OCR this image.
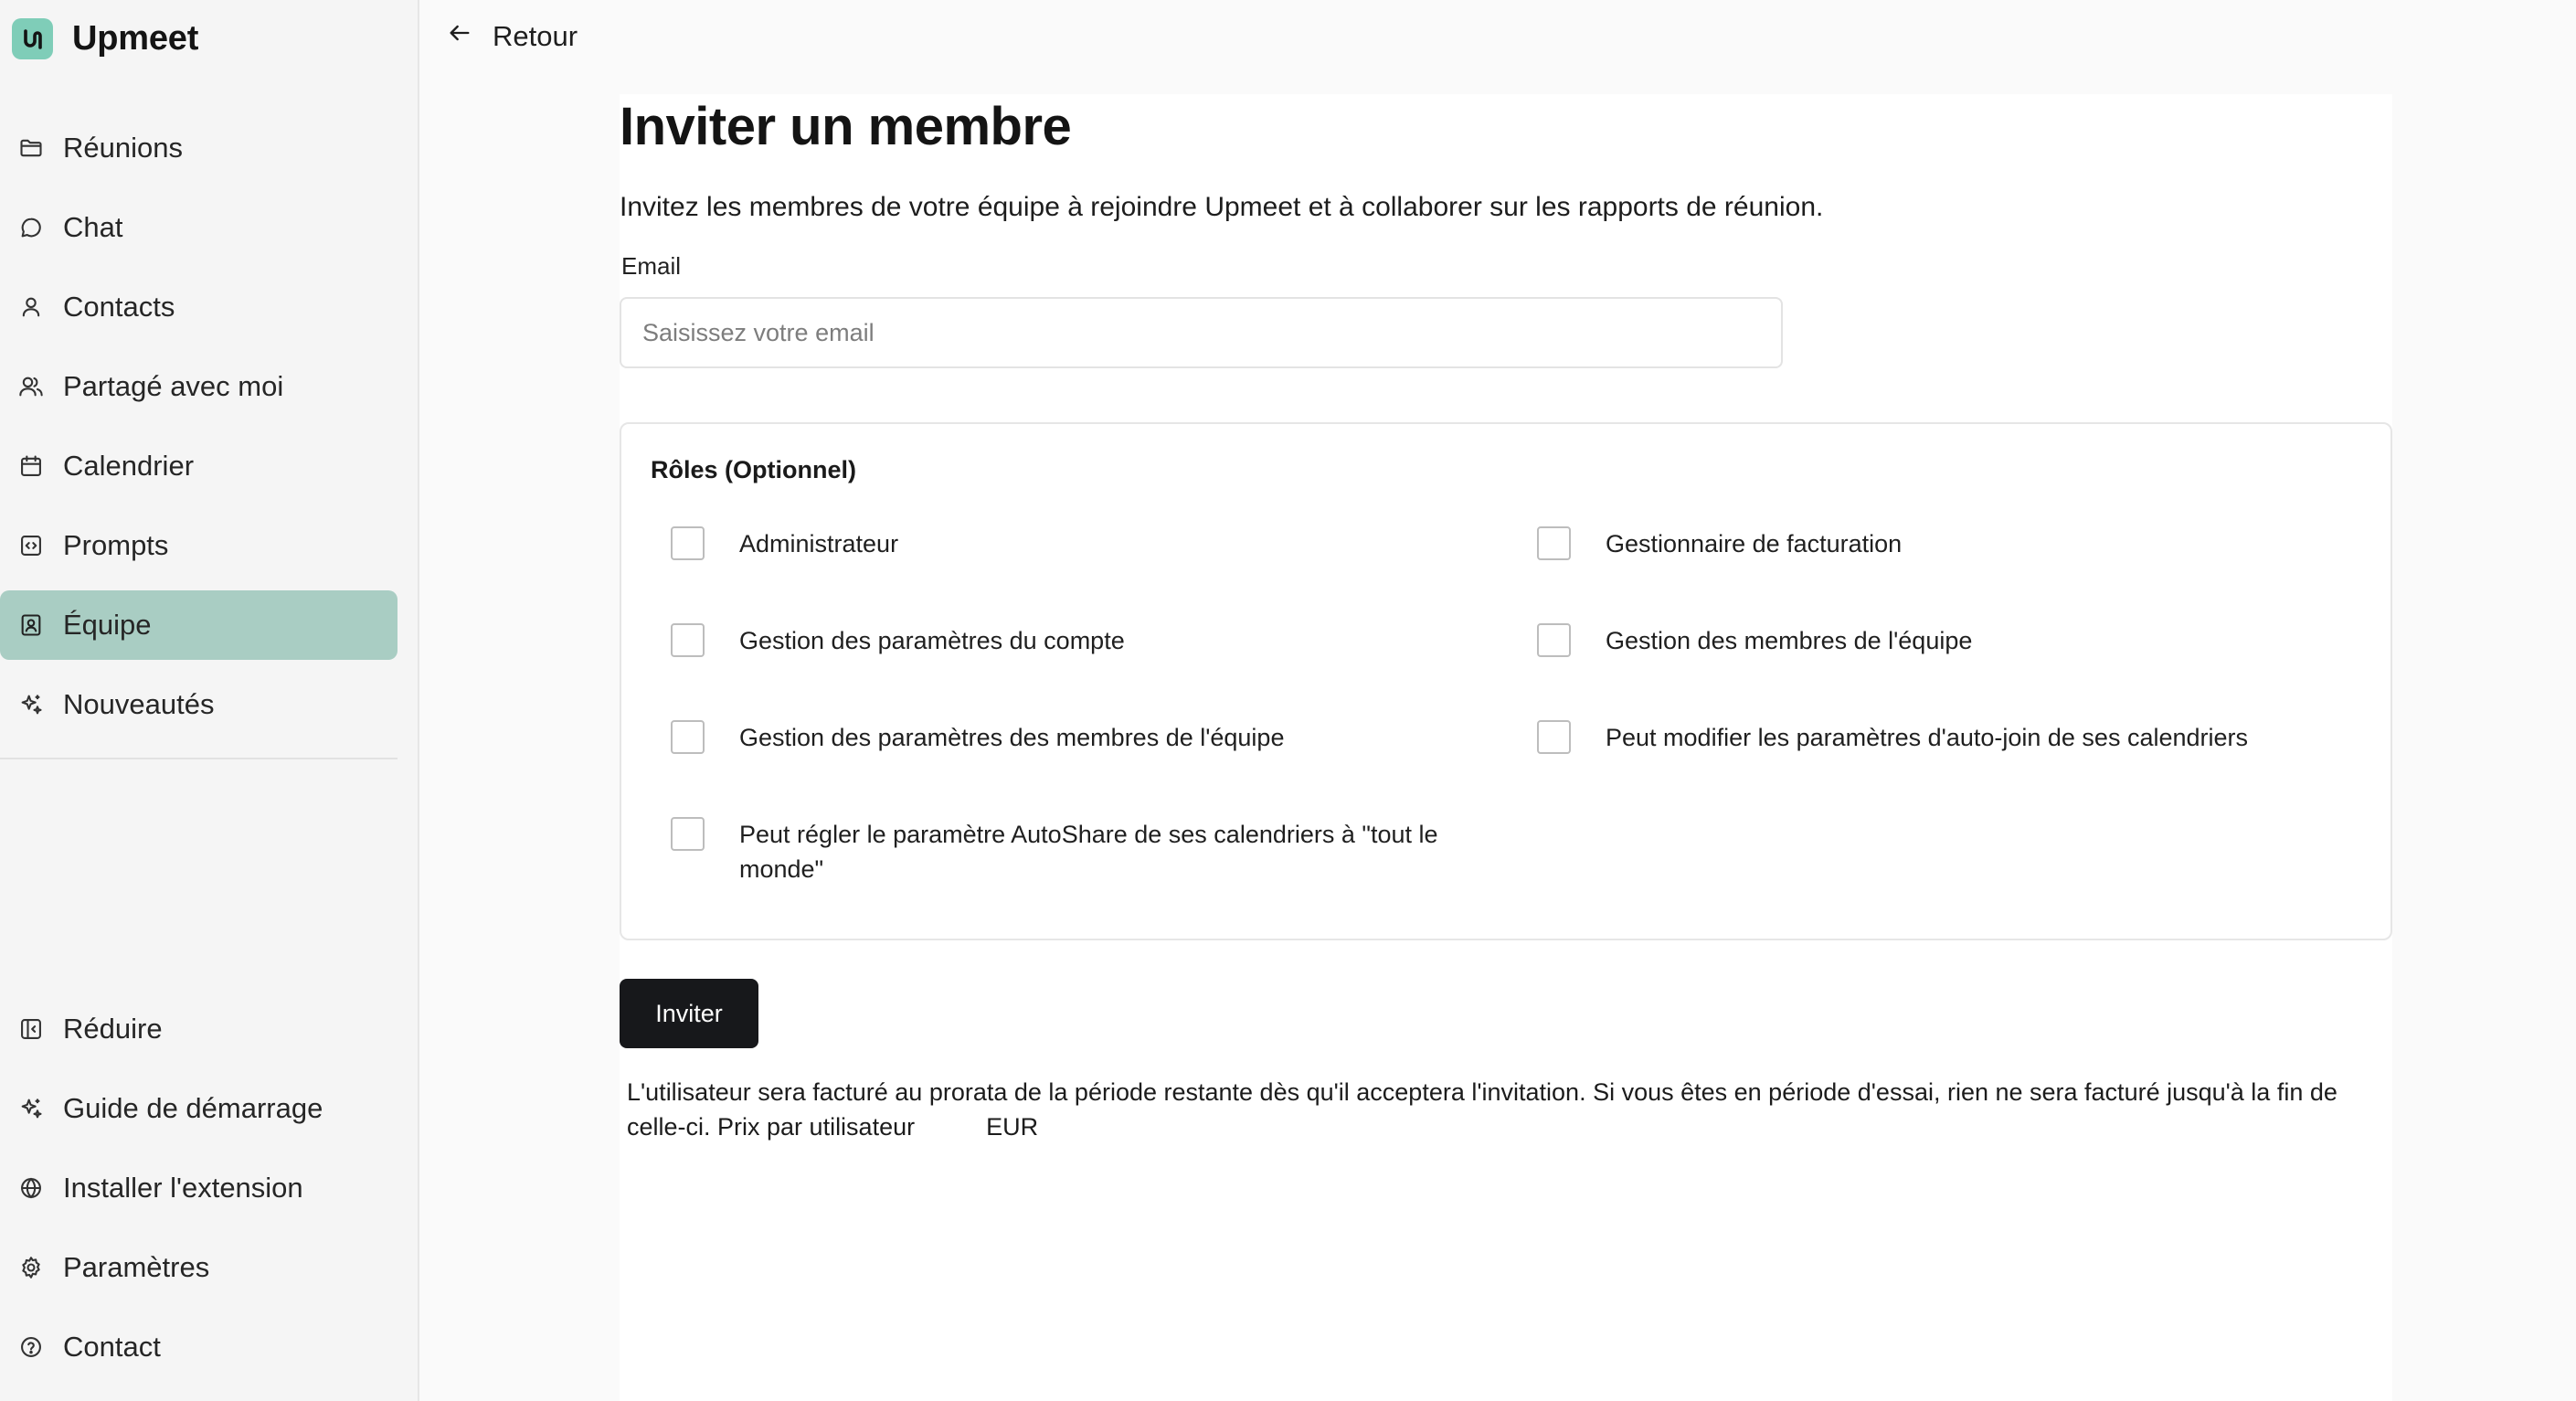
Upmeet
Réunions
Chat
Contacts
Partagé avec moi
Calendrier
Prompts
Équipe
Nouveautés
Réduire
Guide de démarrage
Installer l'extension
Paramètres
Contact
Retour
Inviter un membre
Invitez les membres de votre équipe à rejoindre Upmeet et à collaborer sur les rapports de réunion.
Email
Saisissez votre email
Rôles (Optionnel)
Administrateur	Gestionnaire de facturation
Gestion des paramètres du compte	Gestion des membres de l'équipe
Gestion des paramètres des membres de l'équipe	Peut modifier les paramètres d'auto-join de ses calendriers
Peut régler le paramètre AutoShare de ses calendriers à "tout le monde"
Inviter

L'utilisateur sera facturé au prorata de la période restante dès qu'il acceptera l'invitation. Si vous êtes en période d'essai, rien ne sera facturé jusqu'à la fin de celle-ci. Prix par utilisateur	EUR
